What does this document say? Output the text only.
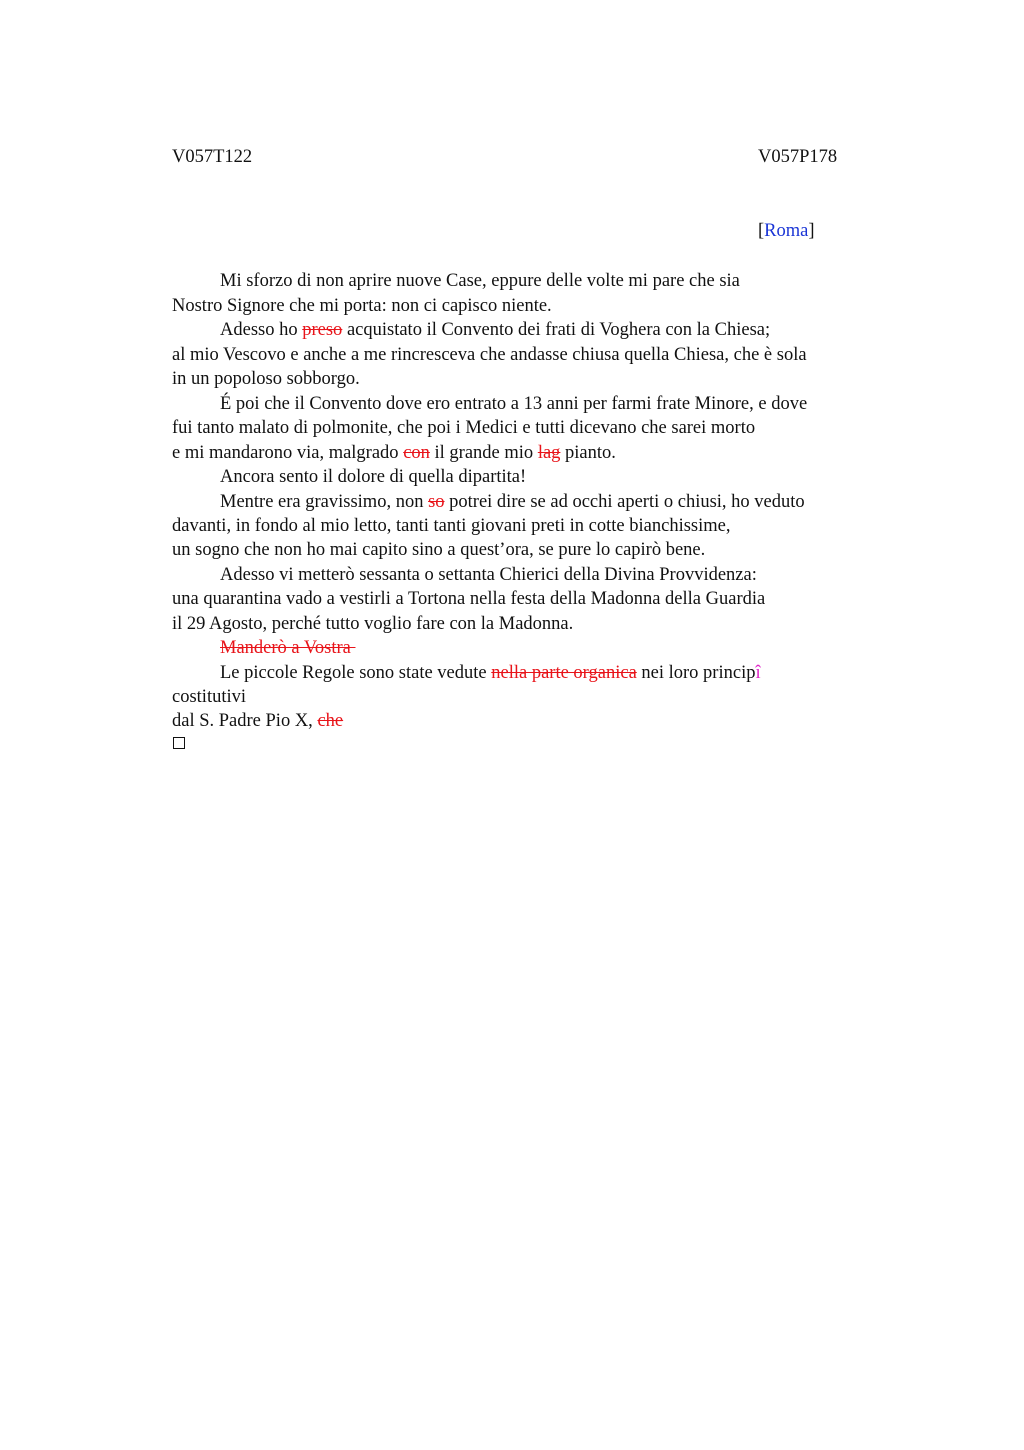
V057T122	V057P178
[Roma]
Mi sforzo di non aprire nuove Case, eppure delle volte mi pare che sia
Nostro Signore che mi porta: non ci capisco niente.
Adesso ho preso acquistato il Convento dei frati di Voghera con la Chiesa;
al mio Vescovo e anche a me rincresceva che andasse chiusa quella Chiesa, che è sola
in un popoloso sobborgo.
É poi che il Convento dove ero entrato a 13 anni per farmi frate Minore, e dove
fui tanto malato di polmonite, che poi i Medici e tutti dicevano che sarei morto
e mi mandarono via, malgrado con il grande mio lag pianto.
Ancora sento il dolore di quella dipartita!
Mentre era gravissimo, non so potrei dire se ad occhi aperti o chiusi, ho veduto
davanti, in fondo al mio letto, tanti tanti giovani preti in cotte bianchissime,
un sogno che non ho mai capito sino a quest’ora, se pure lo capirò bene.
Adesso vi metterò sessanta o settanta Chierici della Divina Provvidenza:
una quarantina vado a vestirli a Tortona nella festa della Madonna della Guardia
il 29 Agosto, perché tutto voglio fare con la Madonna.
Manderò a Vostra
Le piccole Regole sono state vedute nella parte organica nei loro principî
costitutivi
dal S. Padre Pio X, che
